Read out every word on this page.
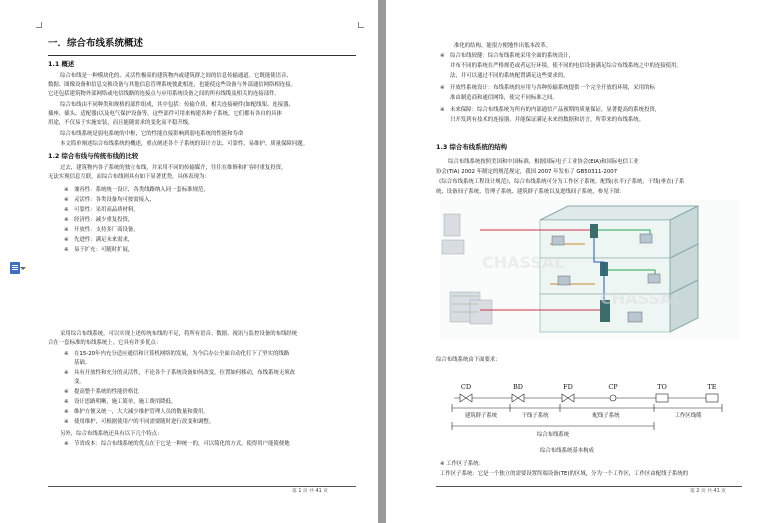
一．综合布线系统概述
1.1 概述
综合布线是一种模块化的、灵活性极高的建筑物内或建筑群之间的信息传输通道。它既能使语音、
数据、图像设备和信息交换设备与其他信息管理系统彼此相连，也能使这些设备与外部通信网络相连接。
它还包括建筑物外部网络或电信线路的连接点与应用系统设备之间的所有线缆及相关的连接部件。
综合布线由不同种类和规格的部件组成，其中包括：传输介质、相关连接硬件(如配线架、连接器、
插座、插头、适配器)以及电气保护设备等。这些部件可用来构建各种子系统，它们都有各自的具体
用途，不仅易于实施安装，而且能随需求的变化而平稳升级。
综合布线系统是弱电系统的中枢，它的性能直接影响到弱电系统的性能和寿命
本文简单阐述综合布线系统的概述，重点阐述各个子系统的设计方法、可靠性、易维护、质量保障问题。
1.2 综合布线与传统布线的比较
过去，建筑物内各子系统的独立布线，并采用不同的传输媒介，往往在维修和扩容时重复投资，
无法实现信息互联，而综合布线则具有如下显著优势，具体表现为：
※ 兼容性：系统统一设计，各类线路纳入同一套标准规范，
※ 灵活性：各类设备均可按需接入，
※ 可靠性：采用高品质材料，
※ 经济性：减少重复投资，
※ 开放性：支持多厂商设备，
※ 先进性：满足未来需求，
※ 易于扩充：可随时扩展，
采用综合布线系统，可以实现上述传统布线的不足，将所有语音、数据、视讯与监控设备的布线经统
合在一套标准的布线系统上。它具有许多优点：
※ 在15-20年内充分适应通信和计算机网络的发展，为今后办公全面自动化打下了坚实的线路
基础。
※ 具有开放性和充分的灵活性，不论各个子系统设备如何改变，位置如何移动，布线系统无须改
变。
※ 提高整个系统的性能价格比
※ 设计思路明晰，施工简单，施工费用降低。
※ 维护方便又统一，大大减少维护管理人员的数量和费用。
※ 使用维护，可根据使用户的不同需要随时进行改变和调整。
另外，综合布线系统还具有以下几个特点：
※ 节省成本：综合布线系统的优点在于它是一种统一的，可以简化的方式，使得用户能简便地
第 1 页 共 41 页
准化的结构，能很方便地作出低本改革。
※ 综合布线较健：综合布线系统采用全面的系统设计，
并布不同的系统在严格规范或者运行环境，使不同的电信设备满足综合布线系统之中的连接使用。
法，并可以通过不同的系统配置满足这些要求的。
※ 开放性系统设计：布线系统的应用与各种传输系统提供一个完全开放的环境，采用的标
准由制造商和通信网络，使完不同标准之间。
※ 未来保障：综合布线系统为所有的内部通信产品预期的质量保证，显著提高的系统投资，
只开发到有技术的连接器，并能保证满足未来的数据和语言，所带来的布线系统。
1.3 综合布线系统的结构
综合布线系统按照美国和中国标准，根据国际电子工业协会(EIA)和国际电信工业
协会(TIA) 2002 年制定的规范规定，我国 2007 年发布了 GB50311-2007
《综合布线系统工程设计规范》，综合布线系统可分为工作区子系统、配线(水平)子系统、干线(垂直)子系
统、设备间子系统、管理子系统、建筑群子系统以及进线间子系统，参见下图：
CHASSAL
CHASSAL
综合布线系统由下面要求：
CD	BD	FD	CP	TO	TE
建筑群子系统	干线子系统	配线子系统	工作区线缆
综合布线系统
综合布线系统基本构成
※ 工作区子系统：
工作区子系统：它是一个独立的需要设置终端设备(TE)的区域，分为一个工作区，工作区由配线子系统的
第 2 页 共 41 页
